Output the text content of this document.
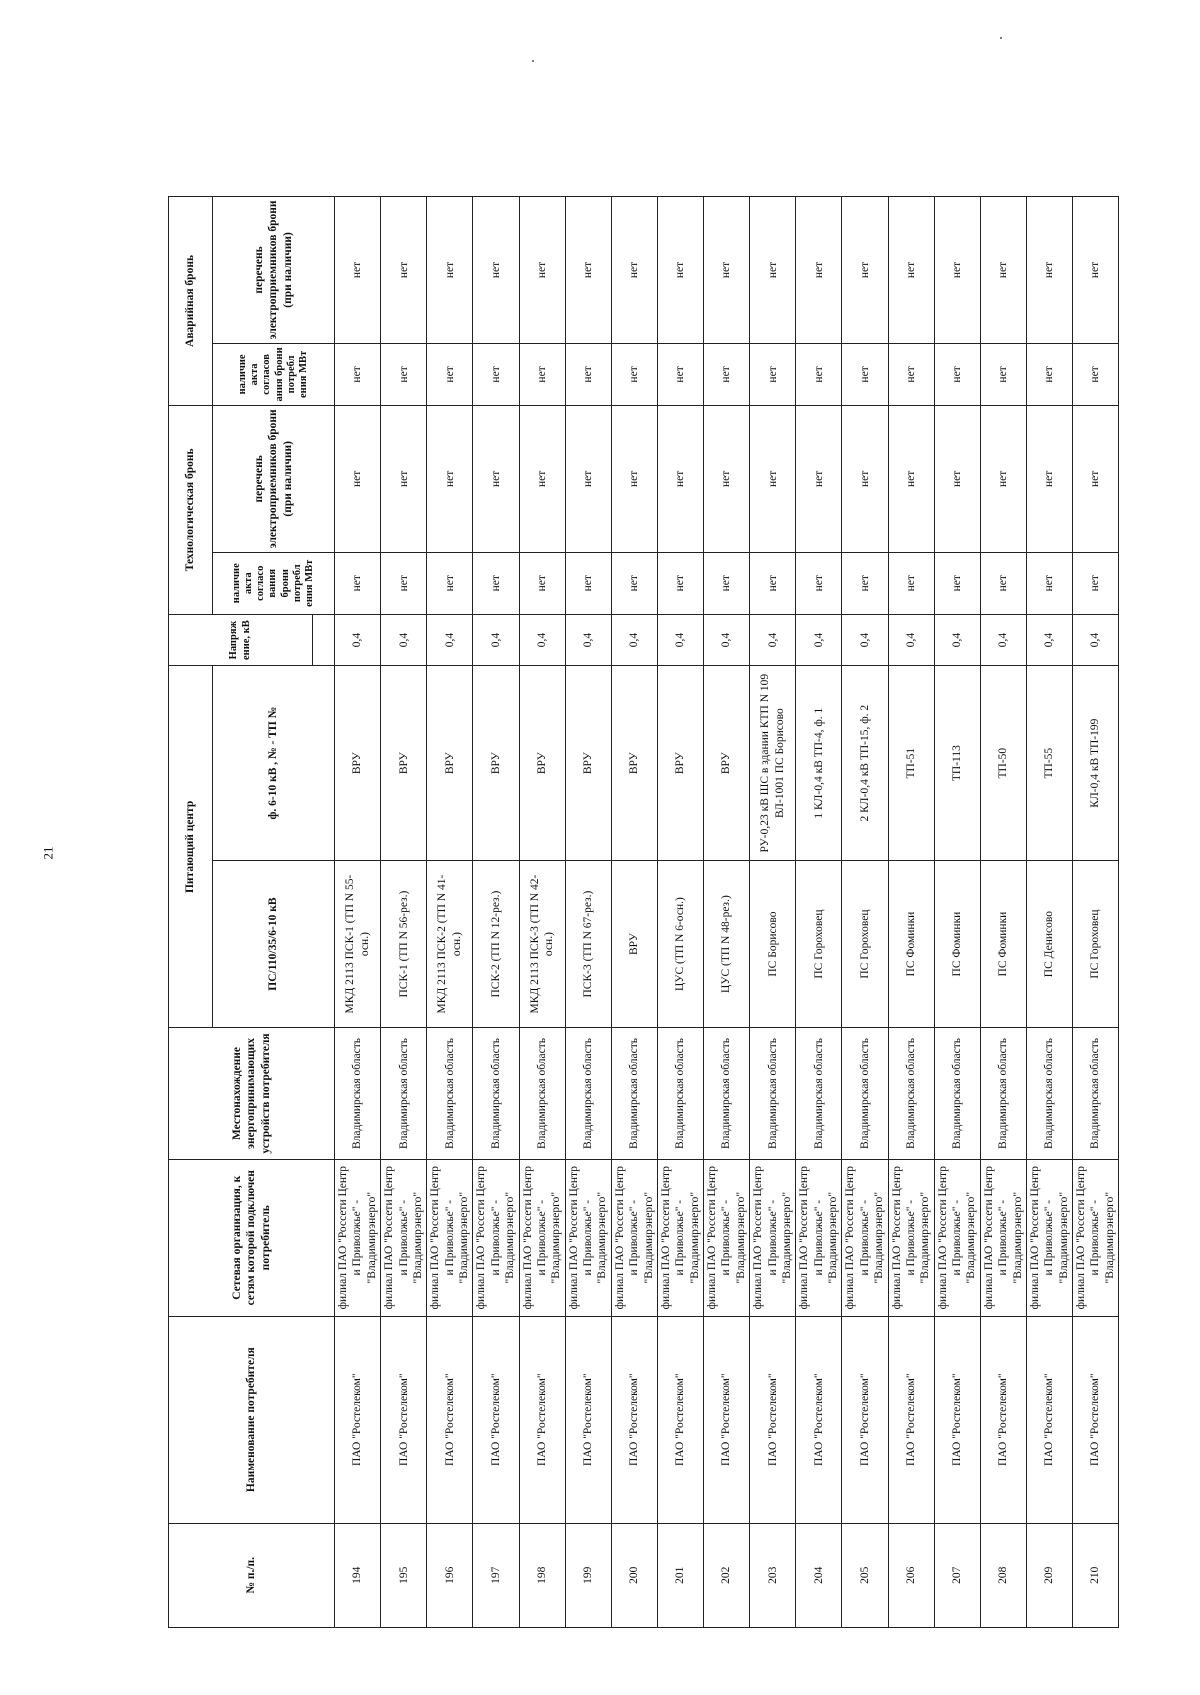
21
№ п./п.	Наименование потребителя	Сетевая организация, к сетям которой подключен потребитель	Местонахождение энергопринимающих устройств потребителя	Питающий центр		Напряж ение, кВ	Технологическая бронь		Аварийная бронь	
				ПС/110/35/6-10 кВ	ф. 6-10 кВ , № - ТП №		наличие акта согласо вания брони потребл ения МВт	перечень электроприемников брони (при наличии)	наличие акта согласов ания брони потребл ения МВт	перечень электроприемников брони (при наличии)

194	ПАО "Ростелеком"	филиал ПАО "Россети Центр и Приволжье" - "Владимирэнерго"	Владимирская область	МКД 2113 ПСК-1 (ТП N 55-осн.)	ВРУ	0,4	нет	нет	нет	нет
195	ПАО "Ростелеком"	филиал ПАО "Россети Центр и Приволжье" - "Владимирэнерго"	Владимирская область	ПСК-1 (ТП N 56-рез.)	ВРУ	0,4	нет	нет	нет	нет
196	ПАО "Ростелеком"	филиал ПАО "Россети Центр и Приволжье" - "Владимирэнерго"	Владимирская область	МКД 2113 ПСК-2 (ТП N 41-осн.)	ВРУ	0,4	нет	нет	нет	нет
197	ПАО "Ростелеком"	филиал ПАО "Россети Центр и Приволжье" - "Владимирэнерго"	Владимирская область	ПСК-2 (ТП N 12-рез.)	ВРУ	0,4	нет	нет	нет	нет
198	ПАО "Ростелеком"	филиал ПАО "Россети Центр и Приволжье" - "Владимирэнерго"	Владимирская область	МКД 2113 ПСК-3 (ТП N 42-осн.)	ВРУ	0,4	нет	нет	нет	нет
199	ПАО "Ростелеком"	филиал ПАО "Россети Центр и Приволжье" - "Владимирэнерго"	Владимирская область	ПСК-3 (ТП N 67-рез.)	ВРУ	0,4	нет	нет	нет	нет
200	ПАО "Ростелеком"	филиал ПАО "Россети Центр и Приволжье" - "Владимирэнерго"	Владимирская область	ВРУ	ВРУ	0,4	нет	нет	нет	нет
201	ПАО "Ростелеком"	филиал ПАО "Россети Центр и Приволжье" - "Владимирэнерго"	Владимирская область	ЦУС (ТП N 6-осн.)	ВРУ	0,4	нет	нет	нет	нет
202	ПАО "Ростелеком"	филиал ПАО "Россети Центр и Приволжье" - "Владимирэнерго"	Владимирская область	ЦУС (ТП N 48-рез.)	ВРУ	0,4	нет	нет	нет	нет
203	ПАО "Ростелеком"	филиал ПАО "Россети Центр и Приволжье" - "Владимирэнерго"	Владимирская область	ПС Борисово	РУ-0,23 кВ ШС в здании КТП N 109 ВЛ-1001 ПС Борисово	0,4	нет	нет	нет	нет
204	ПАО "Ростелеком"	филиал ПАО "Россети Центр и Приволжье" - "Владимирэнерго"	Владимирская область	ПС Гороховец	1 КЛ-0,4 кВ ТП-4, ф. 1	0,4	нет	нет	нет	нет
205	ПАО "Ростелеком"	филиал ПАО "Россети Центр и Приволжье" - "Владимирэнерго"	Владимирская область	ПС Гороховец	2 КЛ-0,4 кВ ТП-15, ф. 2	0,4	нет	нет	нет	нет
206	ПАО "Ростелеком"	филиал ПАО "Россети Центр и Приволжье" - "Владимирэнерго"	Владимирская область	ПС Фоминки	ТП-51	0,4	нет	нет	нет	нет
207	ПАО "Ростелеком"	филиал ПАО "Россети Центр и Приволжье" - "Владимирэнерго"	Владимирская область	ПС Фоминки	ТП-113	0,4	нет	нет	нет	нет
208	ПАО "Ростелеком"	филиал ПАО "Россети Центр и Приволжье" - "Владимирэнерго"	Владимирская область	ПС Фоминки	ТП-50	0,4	нет	нет	нет	нет
209	ПАО "Ростелеком"	филиал ПАО "Россети Центр и Приволжье" - "Владимирэнерго"	Владимирская область	ПС Денисово	ТП-55	0,4	нет	нет	нет	нет
210	ПАО "Ростелеком"	филиал ПАО "Россети Центр и Приволжье" - "Владимирэнерго"	Владимирская область	ПС Гороховец	КЛ-0,4 кВ ТП-199	0,4	нет	нет	нет	нет
